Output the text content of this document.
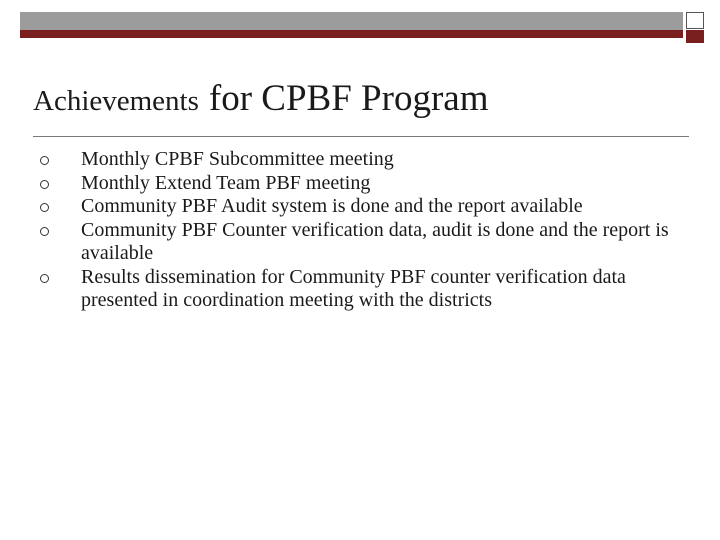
Achievements for CPBF Program
Monthly CPBF Subcommittee meeting
Monthly Extend Team PBF meeting
Community PBF Audit system is done and the report available
Community PBF Counter verification data, audit is done and the report is available
Results dissemination for Community PBF counter verification data presented in coordination meeting with the districts
